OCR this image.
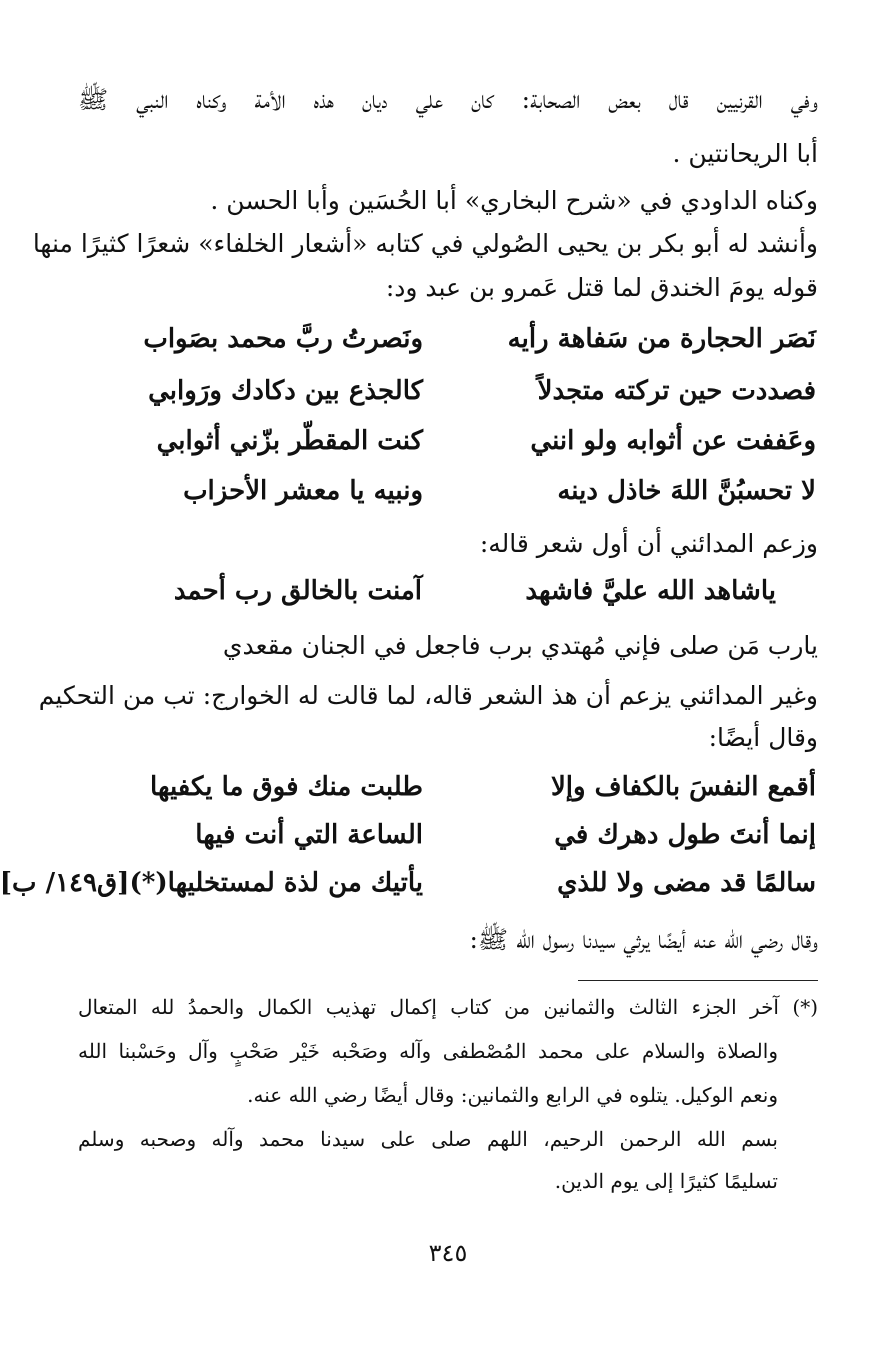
وفي القرنيين قال بعض الصحابة: كان علي ديان هذه الأمة وكناه النبي ﷺ
أبا الريحانتين .
وكناه الداودي في «شرح البخاري» أبا الحُسَين وأبا الحسن .
وأنشد له أبو بكر بن يحيى الصُولي في كتابه «أشعار الخلفاء» شعرًا كثيرًا منها
قوله يومَ الخندق لما قتل عَمرو بن عبد ود:
نَصَر الحجارة من سَفاهة رأيه
ونَصرتُ ربَّ محمد بصَواب
فصددت حين تركته متجدلاً
كالجذع بين دكادك ورَوابي
وعَففت عن أثوابه ولو انني
كنت المقطّر بزّني أثوابي
لا تحسبُنَّ اللهَ خاذل دينه
ونبيه يا معشر الأحزاب
وزعم المدائني أن أول شعر قاله:
ياشاهد الله عليَّ فاشهد
آمنت بالخالق رب أحمد
يارب مَن صلى فإني مُهتدي برب فاجعل في الجنان مقعدي
وغير المدائني يزعم أن هذ الشعر قاله، لما قالت له الخوارج: تب من التحكيم
وقال أيضًا:
أقمع النفسَ بالكفاف وإلا
طلبت منك فوق ما يكفيها
إنما أنتَ طول دهرك في
الساعة التي أنت فيها
سالمًا قد مضى ولا للذي
يأتيك من لذة لمستخليها(*)[ق١٤٩/ ب]
وقال رضي الله عنه أيضًا يرثي سيدنا رسول الله ﷺ:
(*) آخر الجزء الثالث والثمانين من كتاب إكمال تهذيب الكمال والحمدُ لله المتعال
والصلاة والسلام على محمد المُصْطفى وآله وصَحْبه خَيْر صَحْبٍ وآل وحَسْبنا الله
ونعم الوكيل. يتلوه في الرابع والثمانين: وقال أيضًا رضي الله عنه.
بسم الله الرحمن الرحيم، اللهم صلى على سيدنا محمد وآله وصحبه وسلم
تسليمًا كثيرًا إلى يوم الدين.
٣٤٥
